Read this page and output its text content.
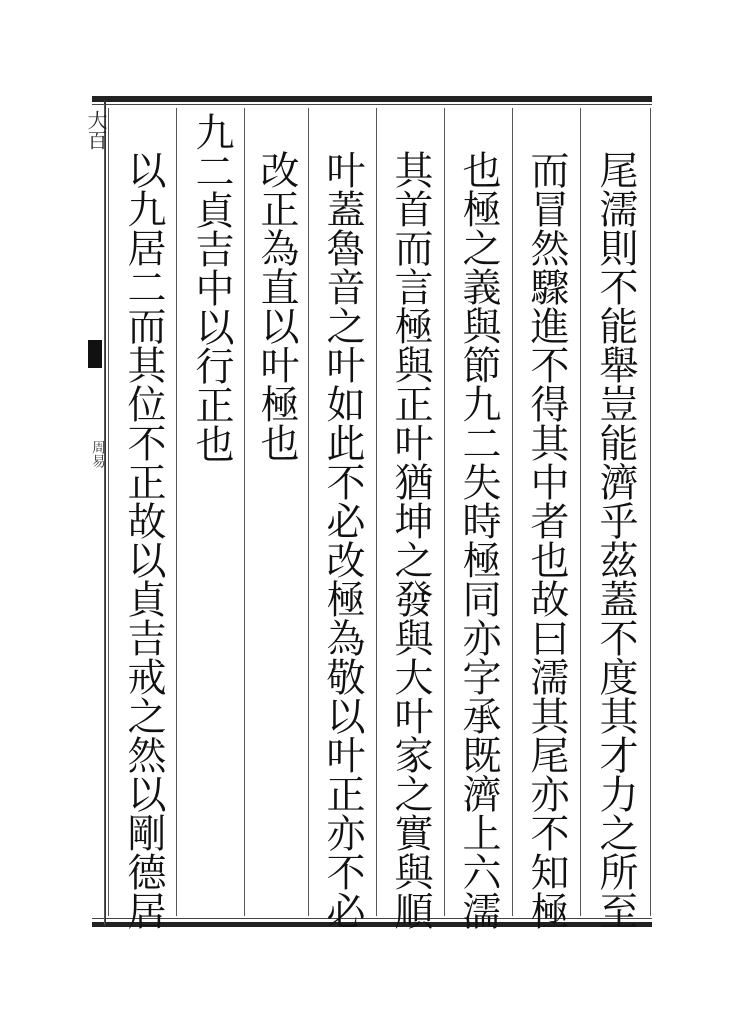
大百
周易	尾濡則不能舉豈能濟乎茲蓋不度其才力之所至
而冒然驟進不得其中者也故曰濡其尾亦不知極
也極之義與節九二失時極同亦字承既濟上六濡
其首而言極與正叶猶坤之發與大叶家之實與順
叶蓋魯音之叶如此不必改極為敬以叶正亦不必
改正為直以叶極也
九二貞吉中以行正也
以九居二而其位不正故以貞吉戒之然以剛德居
